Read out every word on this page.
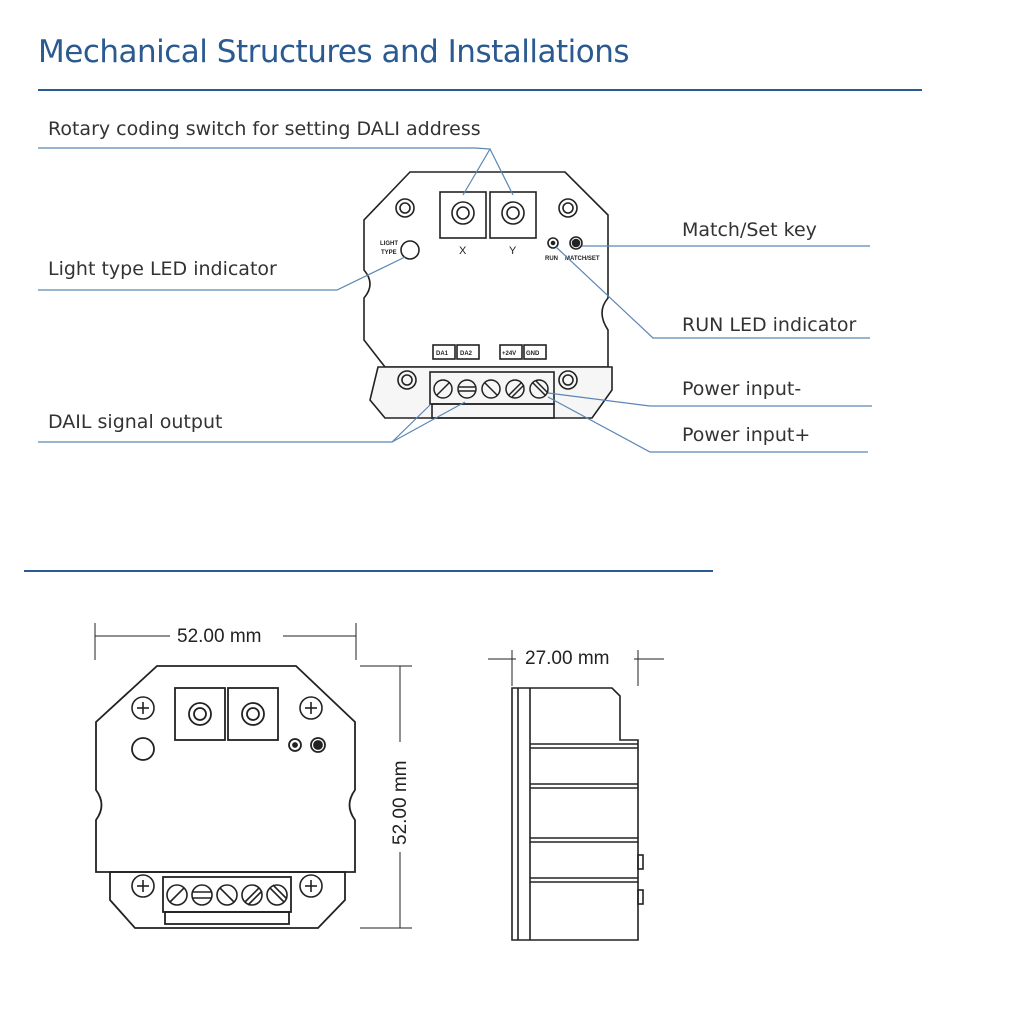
Mechanical Structures and Installations
LIGHT
TYPE	X	Y
RUN MATCH/SET
DA1 DA2	+24V GND
Rotary coding switch for setting DALI address
Light type LED indicator
Match/Set key
RUN LED indicator
Power input-
Power input+
DAIL signal output
52.00 mm
52.00 mm
27.00 mm
